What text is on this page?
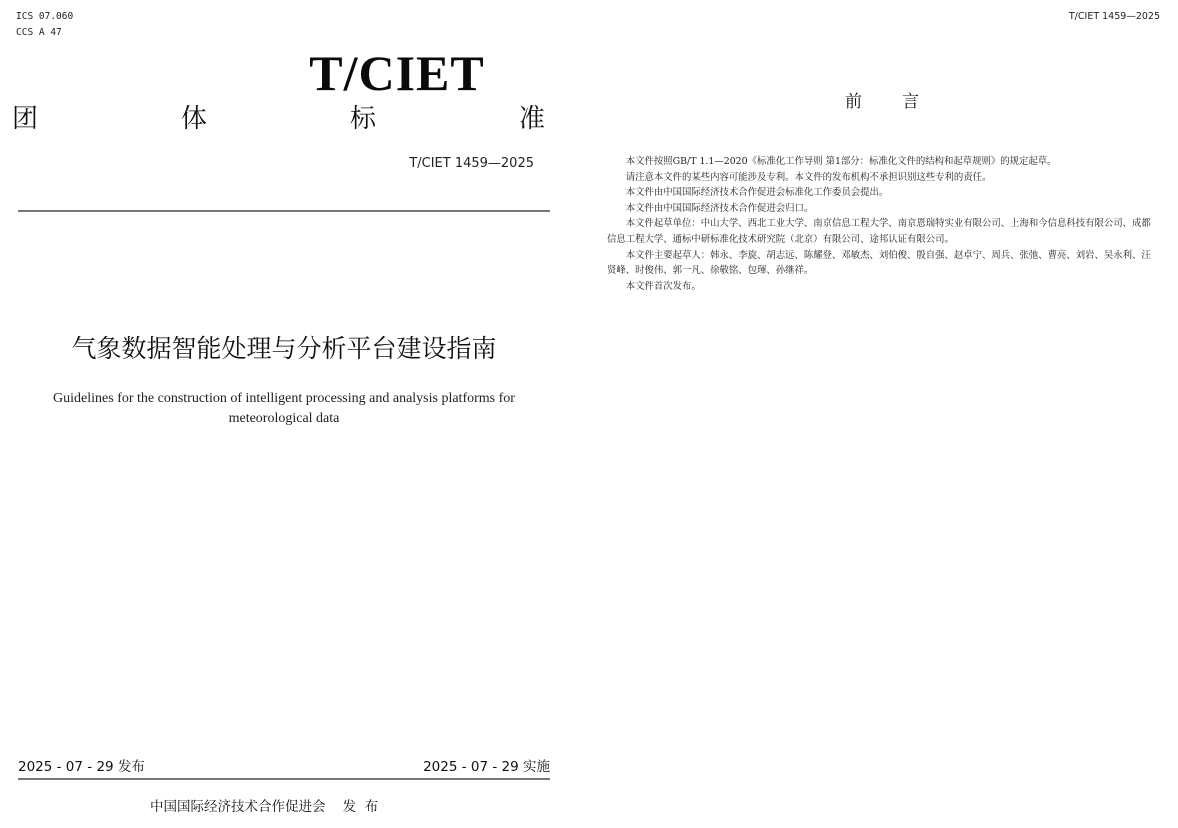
ICS 07.060
CCS A 47
T/CIET
团	体	标	准
T/CIET 1459—2025
气象数据智能处理与分析平台建设指南
Guidelines for the construction of intelligent processing and analysis platforms for
meteorological data
2025 - 07 - 29 发布	2025 - 07 - 29 实施
中国国际经济技术合作促进会    发  布
T/CIET 1459—2025
前言

本文件按照GB/T 1.1—2020《标准化工作导则 第1部分：标准化文件的结构和起草规则》的规定起草。

请注意本文件的某些内容可能涉及专利。本文件的发布机构不承担识别这些专利的责任。

本文件由中国国际经济技术合作促进会标准化工作委员会提出。

本文件由中国国际经济技术合作促进会归口。

本文件起草单位：中山大学、西北工业大学、南京信息工程大学、南京恩瑞特实业有限公司、上海和今信息科技有限公司、成都信息工程大学、通标中研标准化技术研究院（北京）有限公司、途邦认证有限公司。

本文件主要起草人：韩永、李旋、胡志远、陈耀登、邓敏杰、刘伯俊、殷自强、赵卓宁、周兵、张弛、曹亮、刘岩、吴永利、汪贤峰、时俊伟、郭一凡、徐敬铭、包琿、孙继祥。

本文件首次发布。
